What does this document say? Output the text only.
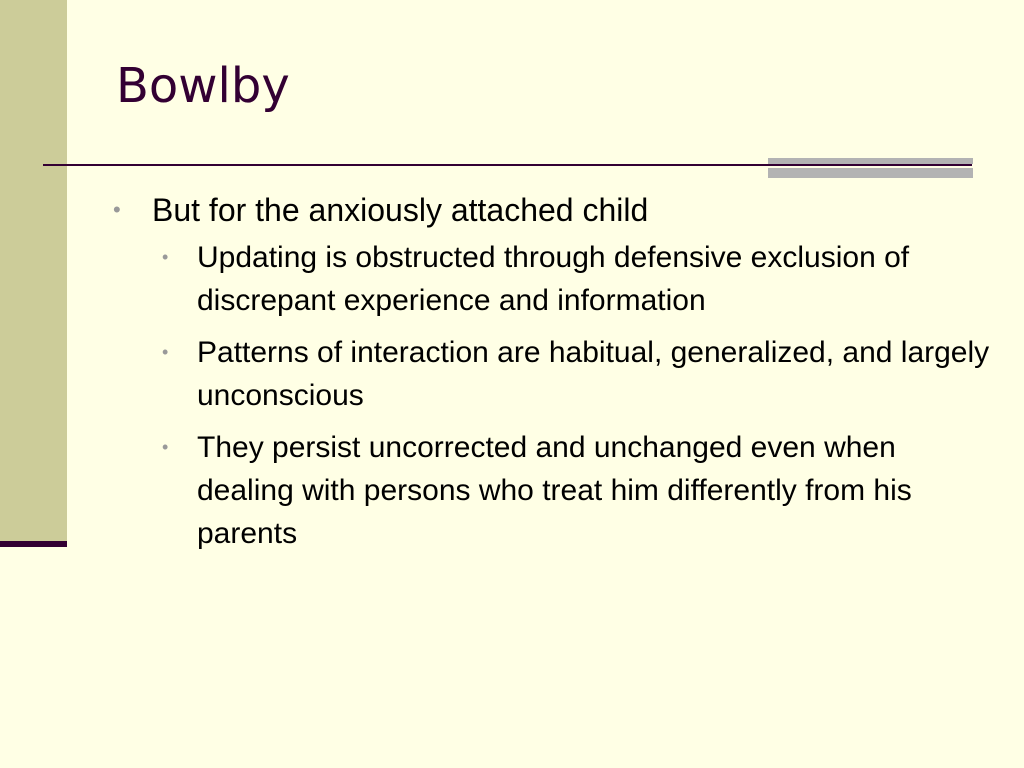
Bowlby
• But for the anxiously attached child
• Updating is obstructed through defensive exclusion of discrepant experience and information
• Patterns of interaction are habitual, generalized, and largely unconscious
• They persist uncorrected and unchanged even when dealing with persons who treat him differently from his parents
